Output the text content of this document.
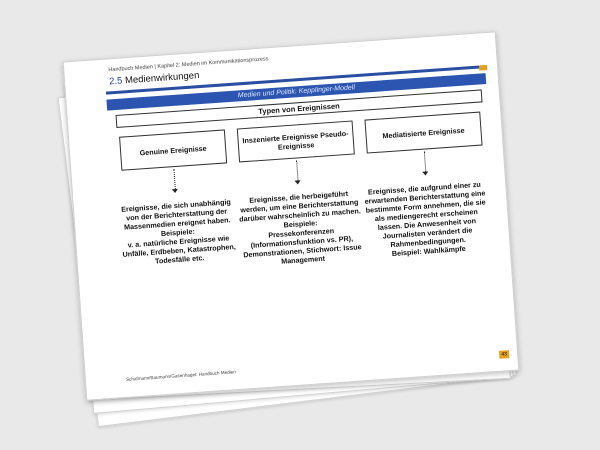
Handbuch Medien | Kapitel 2: Medien im Kommunikationsprozess
2.5 Medienwirkungen
Medien und Politik: Kepplinger-Modell
Typen von Ereignissen
Genuine Ereignisse
Inszenierte Ereignisse Pseudo-Ereignisse
Mediatisierte Ereignisse
Ereignisse, die sich unabhängig von der Berichterstattung der Massenmedien ereignet haben.
Beispiele:
v. a. natürliche Ereignisse wie Unfälle, Erdbeben, Katastrophen, Todesfälle etc.
Ereignisse, die herbeigeführt werden, um eine Berichterstattung darüber wahrscheinlich zu machen.
Beispiele:
Pressekonferenzen (Informationsfunktion vs. PR), Demonstrationen, Stichwort: Issue Management
Ereignisse, die aufgrund einer zu erwartenden Berichterstattung eine bestimmte Form annehmen, die sie als mediengerecht erscheinen lassen. Die Anwesenheit von Journalisten verändert die Rahmenbedingungen.
Beispiel: Wahlkämpfe
Schafmann/Baumann/Gasenhagel: Handbuch Medien
43
